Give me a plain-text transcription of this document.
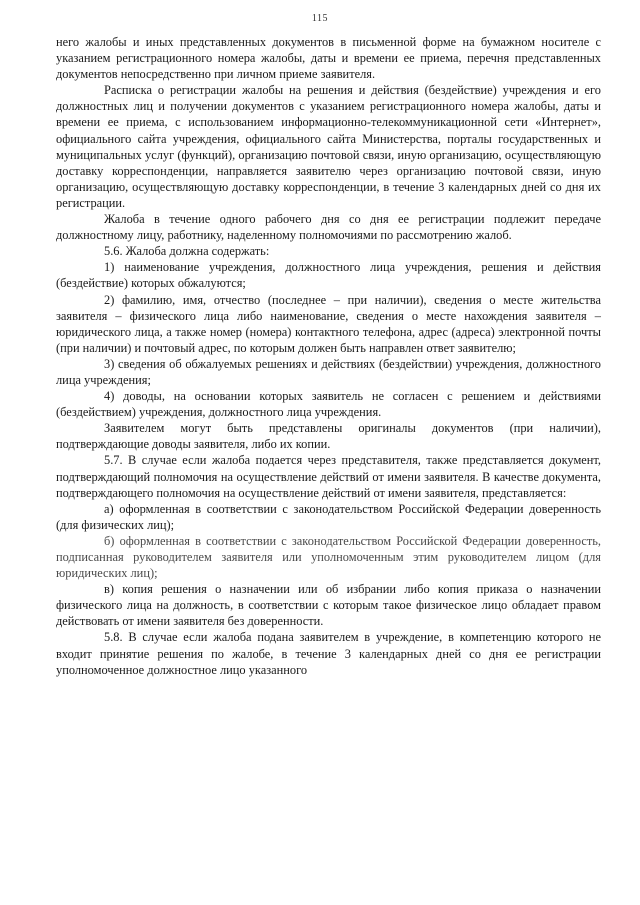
115

него жалобы и иных представленных документов в письменной форме на бумажном носителе с указанием регистрационного номера жалобы, даты и времени ее приема, перечня представленных документов непосредственно при личном приеме заявителя.

Расписка о регистрации жалобы на решения и действия (бездействие) учреждения и его должностных лиц и получении документов с указанием регистрационного номера жалобы, даты и времени ее приема, с использованием информационно-телекоммуникационной сети «Интернет», официального сайта учреждения, официального сайта Министерства, порталы государственных и муниципальных услуг (функций), организацию почтовой связи, иную организацию, осуществляющую доставку корреспонденции, направляется заявителю через организацию почтовой связи, иную организацию, осуществляющую доставку корреспонденции, в течение 3 календарных дней со дня их регистрации.

Жалоба в течение одного рабочего дня со дня ее регистрации подлежит передаче должностному лицу, работнику, наделенному полномочиями по рассмотрению жалоб.

5.6. Жалоба должна содержать:

1) наименование учреждения, должностного лица учреждения, решения и действия (бездействие) которых обжалуются;

2) фамилию, имя, отчество (последнее – при наличии), сведения о месте жительства заявителя – физического лица либо наименование, сведения о месте нахождения заявителя – юридического лица, а также номер (номера) контактного телефона, адрес (адреса) электронной почты (при наличии) и почтовый адрес, по которым должен быть направлен ответ заявителю;

3) сведения об обжалуемых решениях и действиях (бездействии) учреждения, должностного лица учреждения;

4) доводы, на основании которых заявитель не согласен с решением и действиями (бездействием) учреждения, должностного лица учреждения.

Заявителем могут быть представлены оригиналы документов (при наличии), подтверждающие доводы заявителя, либо их копии.

5.7. В случае если жалоба подается через представителя, также представляется документ, подтверждающий полномочия на осуществление действий от имени заявителя. В качестве документа, подтверждающего полномочия на осуществление действий от имени заявителя, представляется:

а) оформленная в соответствии с законодательством Российской Федерации доверенность (для физических лиц);

б) оформленная в соответствии с законодательством Российской Федерации доверенность, подписанная руководителем заявителя или уполномоченным этим руководителем лицом (для юридических лиц);

в) копия решения о назначении или об избрании либо копия приказа о назначении физического лица на должность, в соответствии с которым такое физическое лицо обладает правом действовать от имени заявителя без доверенности.

5.8. В случае если жалоба подана заявителем в учреждение, в компетенцию которого не входит принятие решения по жалобе, в течение 3 календарных дней со дня ее регистрации уполномоченное должностное лицо указанного
